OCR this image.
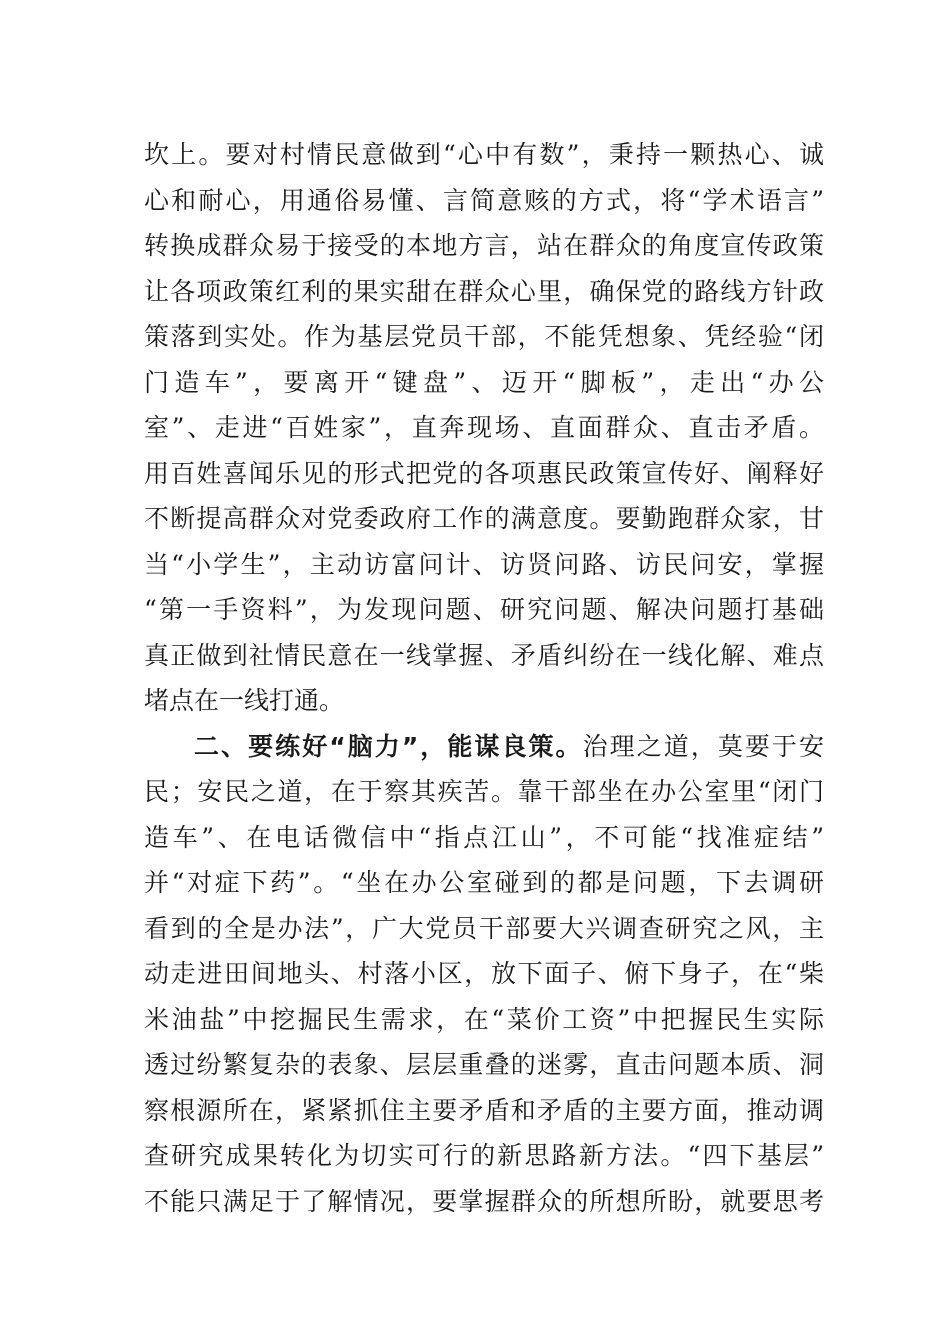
坎上。要对村情民意做到“心中有数”，秉持一颗热心、诚
心和耐心，用通俗易懂、言简意赅的方式，将“学术语言”
转换成群众易于接受的本地方言，站在群众的角度宣传政策
让各项政策红利的果实甜在群众心里，确保党的路线方针政
策落到实处。作为基层党员干部，不能凭想象、凭经验“闭
门造车”，要离开“键盘”、迈开“脚板”，走出“办公
室”、走进“百姓家”，直奔现场、直面群众、直击矛盾。
用百姓喜闻乐见的形式把党的各项惠民政策宣传好、阐释好
不断提高群众对党委政府工作的满意度。要勤跑群众家，甘
当“小学生”，主动访富问计、访贤问路、访民问安，掌握
“第一手资料”，为发现问题、研究问题、解决问题打基础
真正做到社情民意在一线掌握、矛盾纠纷在一线化解、难点
堵点在一线打通。
二、要练好“脑力”，能谋良策。治理之道，莫要于安
民；安民之道，在于察其疾苦。靠干部坐在办公室里“闭门
造车”、在电话微信中“指点江山”，不可能“找准症结”
并“对症下药”。“坐在办公室碰到的都是问题，下去调研
看到的全是办法”，广大党员干部要大兴调查研究之风，主
动走进田间地头、村落小区，放下面子、俯下身子，在“柴
米油盐”中挖掘民生需求，在“菜价工资”中把握民生实际
透过纷繁复杂的表象、层层重叠的迷雾，直击问题本质、洞
察根源所在，紧紧抓住主要矛盾和矛盾的主要方面，推动调
查研究成果转化为切实可行的新思路新方法。“四下基层”
不能只满足于了解情况，要掌握群众的所想所盼，就要思考
